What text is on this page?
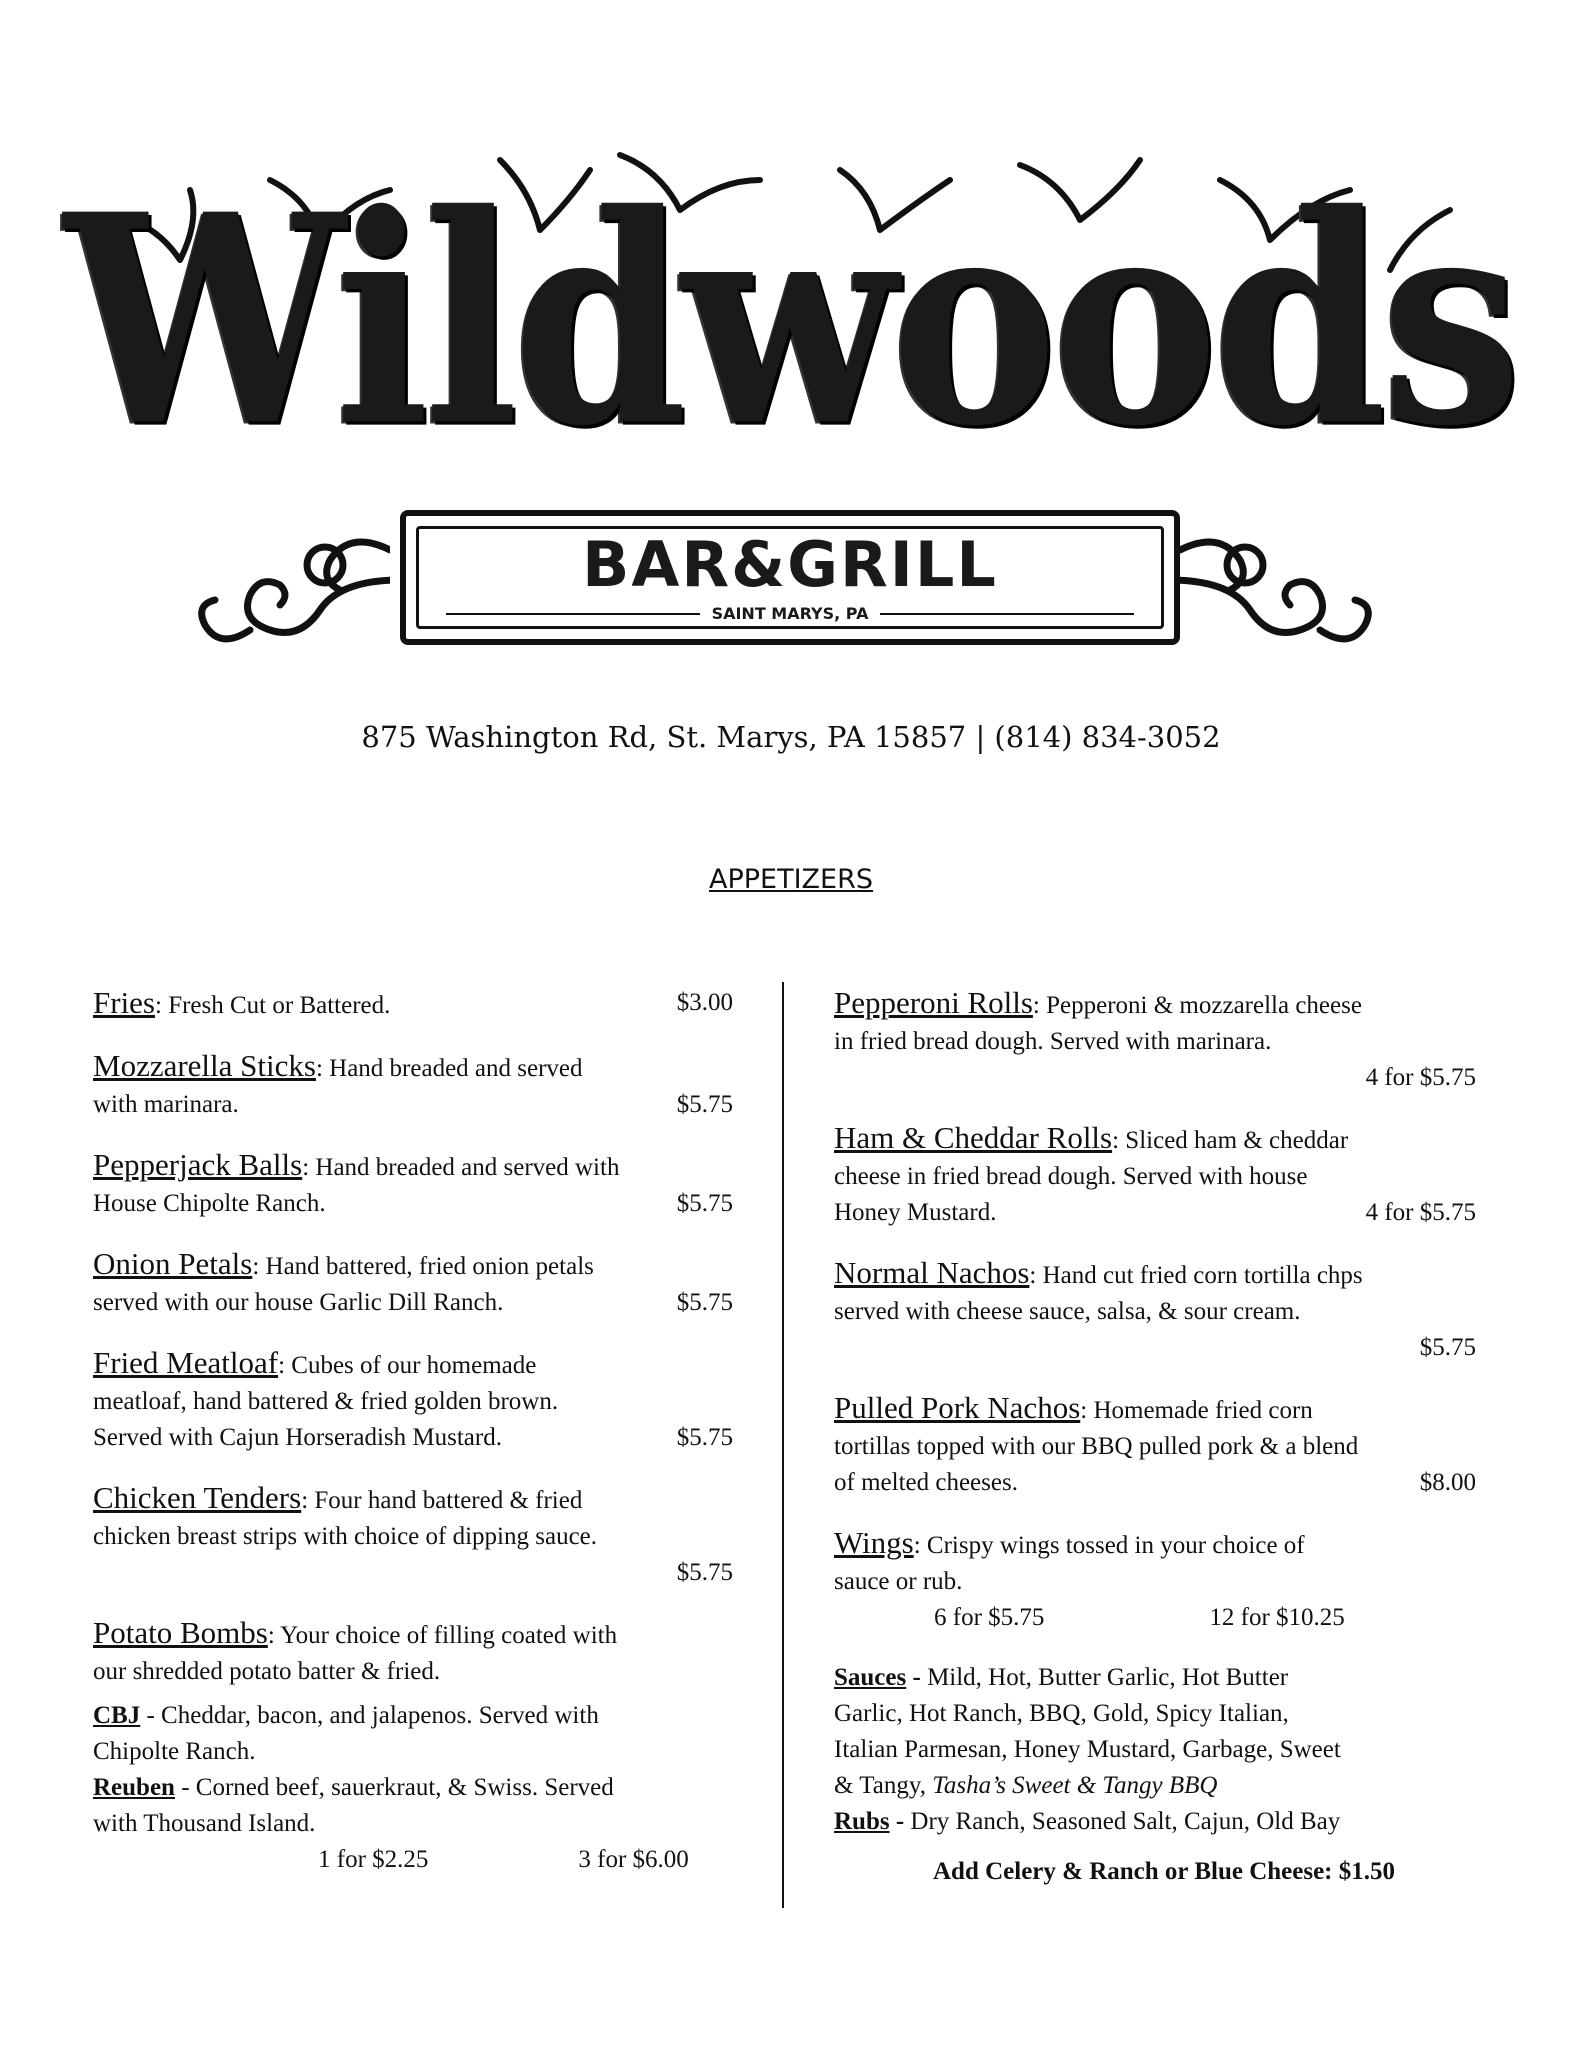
Wildwoods
BAR&GRILL
SAINT MARYS, PA
875 Washington Rd, St. Marys, PA 15857 | (814) 834-3052
APPETIZERS
Fries: Fresh Cut or Battered.	$3.00
Mozzarella Sticks: Hand breaded and served
with marinara.	$5.75
Pepperjack Balls: Hand breaded and served with
House Chipolte Ranch.	$5.75
Onion Petals: Hand battered, fried onion petals
served with our house Garlic Dill Ranch.	$5.75
Fried Meatloaf: Cubes of our homemade
meatloaf, hand battered & fried golden brown.
Served with Cajun Horseradish Mustard.	$5.75
Chicken Tenders: Four hand battered & fried
chicken breast strips with choice of dipping sauce.
$5.75
Potato Bombs: Your choice of filling coated with
our shredded potato batter & fried.
CBJ - Cheddar, bacon, and jalapenos. Served with
Chipolte Ranch.
Reuben - Corned beef, sauerkraut, & Swiss. Served
with Thousand Island.
1 for $2.25	3 for $6.00
Pepperoni Rolls: Pepperoni & mozzarella cheese
in fried bread dough. Served with marinara.
4 for $5.75
Ham & Cheddar Rolls: Sliced ham & cheddar
cheese in fried bread dough. Served with house
Honey Mustard.	4 for $5.75
Normal Nachos: Hand cut fried corn tortilla chps
served with cheese sauce, salsa, & sour cream.
$5.75
Pulled Pork Nachos: Homemade fried corn
tortillas topped with our BBQ pulled pork & a blend
of melted cheeses.	$8.00
Wings: Crispy wings tossed in your choice of
sauce or rub.
6 for $5.75	12 for $10.25
Sauces - Mild, Hot, Butter Garlic, Hot Butter
Garlic, Hot Ranch, BBQ, Gold, Spicy Italian,
Italian Parmesan, Honey Mustard, Garbage, Sweet
& Tangy, Tasha’s Sweet & Tangy BBQ
Rubs - Dry Ranch, Seasoned Salt, Cajun, Old Bay
Add Celery & Ranch or Blue Cheese: $1.50
